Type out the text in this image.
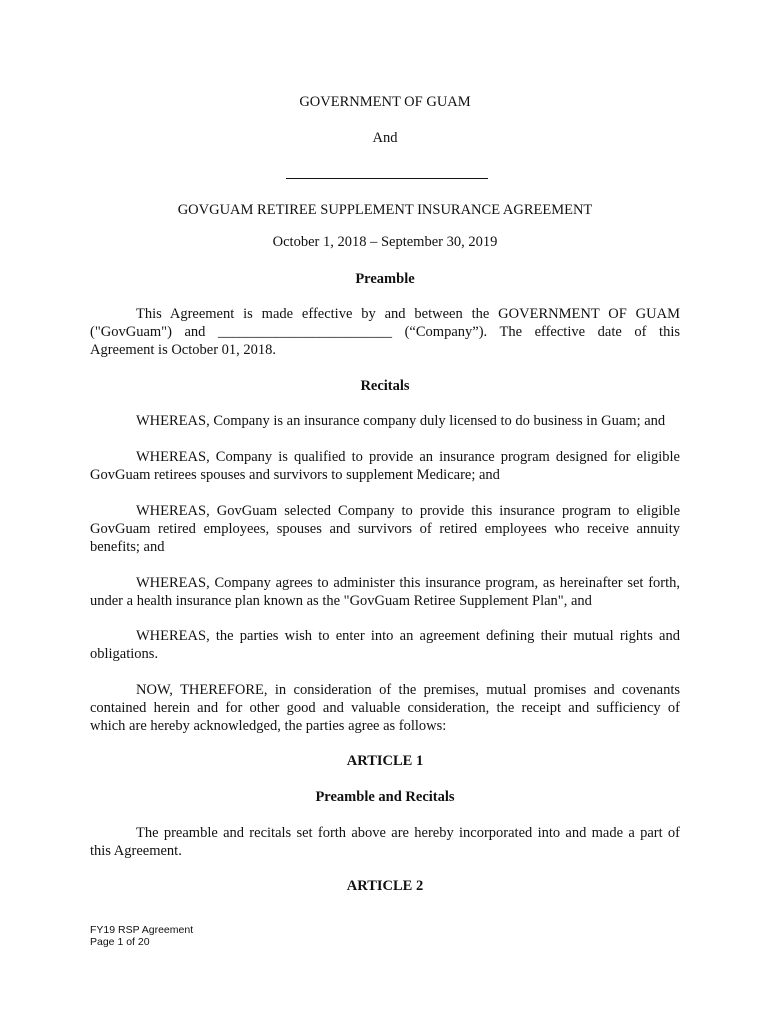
GOVERNMENT OF GUAM
And
GOVGUAM RETIREE SUPPLEMENT INSURANCE AGREEMENT
October 1, 2018 – September 30, 2019
Preamble
This Agreement is made effective by and between the GOVERNMENT OF GUAM
("GovGuam") and ________________________ (“Company”). The effective date of this
Agreement is October 01, 2018.
Recitals
WHEREAS, Company is an insurance company duly licensed to do business in Guam; and
WHEREAS, Company is qualified to provide an insurance program designed for eligible
GovGuam retirees spouses and survivors to supplement Medicare; and
WHEREAS, GovGuam selected Company to provide this insurance program to eligible
GovGuam retired employees, spouses and survivors of retired employees who receive annuity
benefits; and
WHEREAS, Company agrees to administer this insurance program, as hereinafter set forth,
under a health insurance plan known as the "GovGuam Retiree Supplement Plan", and
WHEREAS, the parties wish to enter into an agreement defining their mutual rights and
obligations.
NOW, THEREFORE, in consideration of the premises, mutual promises and covenants
contained herein and for other good and valuable consideration, the receipt and sufficiency of
which are hereby acknowledged, the parties agree as follows:
ARTICLE 1
Preamble and Recitals
The preamble and recitals set forth above are hereby incorporated into and made a part of
this Agreement.
ARTICLE 2
FY19 RSP Agreement
Page 1 of 20
